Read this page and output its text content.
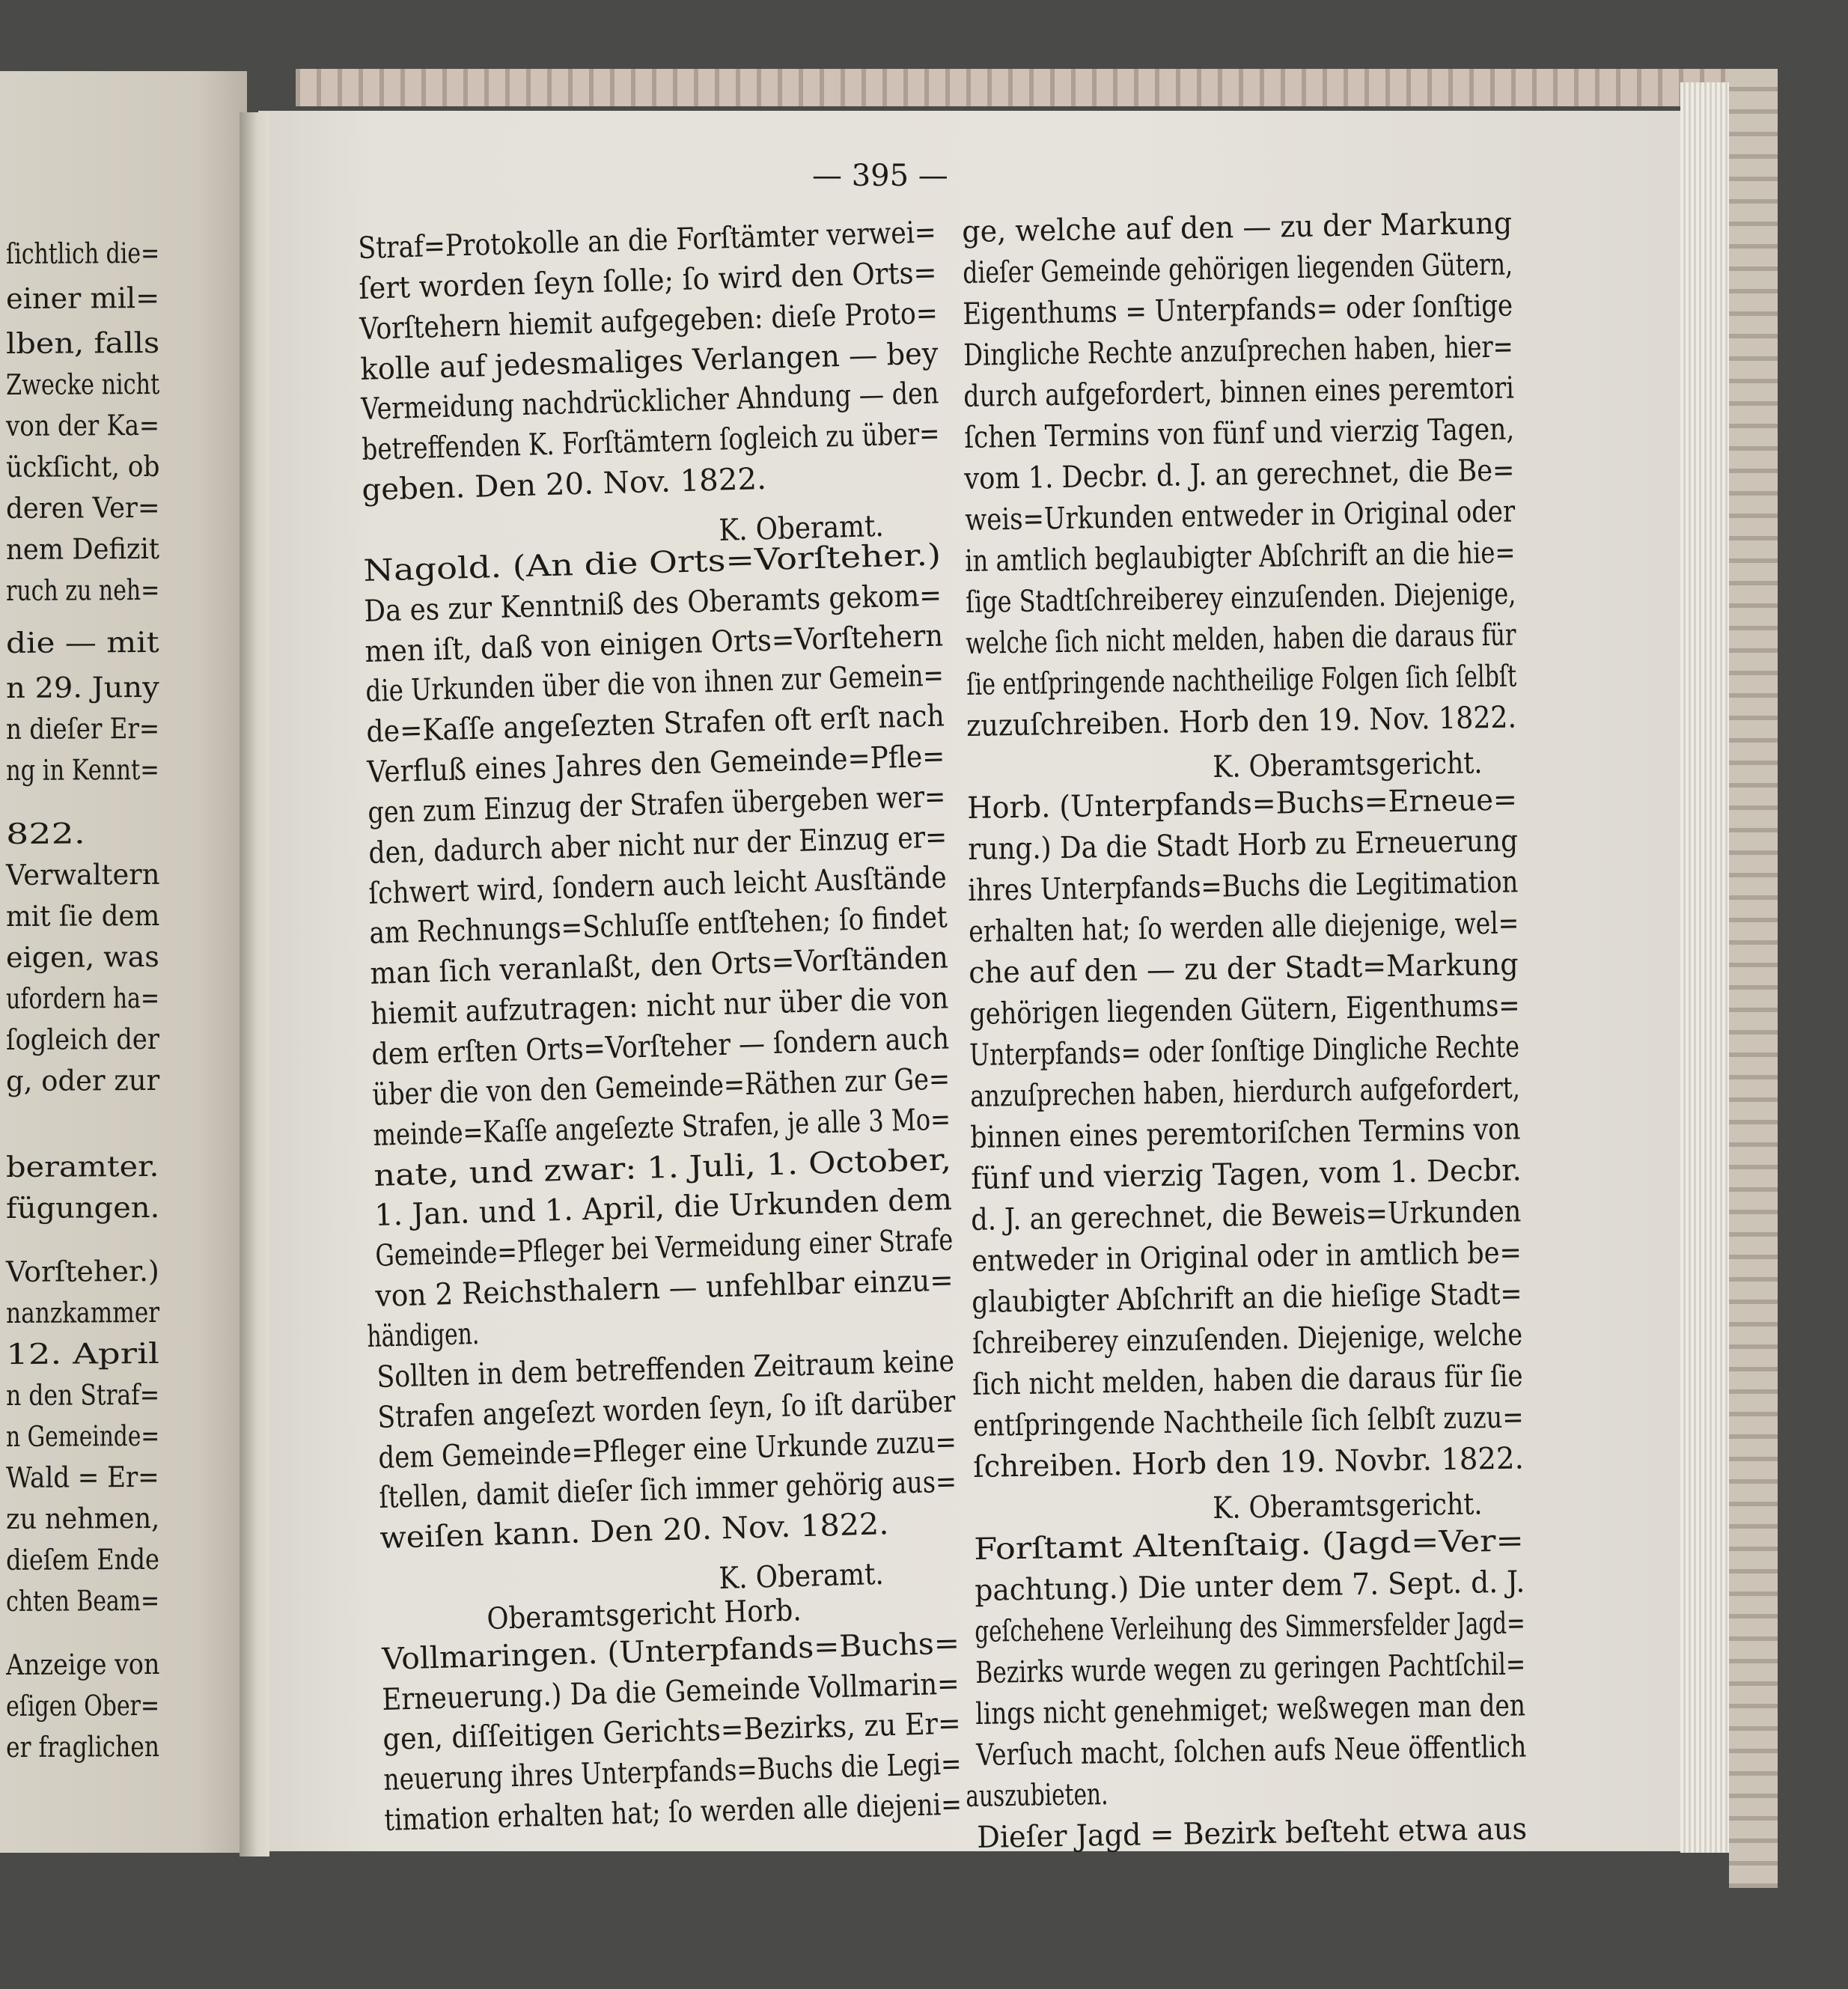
— 395 —
ſichtlich die=
einer mil=
lben, falls
Zwecke nicht
von der Ka=
ückſicht, ob
deren Ver=
nem Defizit
ruch zu neh=
die — mit
n 29. Juny
n dieſer Er=
ng in Kennt=
822.
Verwaltern
mit ſie dem
eigen, was
ufordern ha=
ſogleich der
g, oder zur
beramter.
fügungen.
Vorſteher.)
nanzkammer
12. April
n den Straf=
n Gemeinde=
Wald = Er=
zu nehmen,
dieſem Ende
chten Beam=
Anzeige von
eſigen Ober=
er fraglichen
Straf=Protokolle an die Forſtämter verwei=
ſert worden ſeyn ſolle; ſo wird den Orts=
Vorſtehern hiemit aufgegeben: dieſe Proto=
kolle auf jedesmaliges Verlangen — bey
Vermeidung nachdrücklicher Ahndung — den
betreffenden K. Forſtämtern ſogleich zu über=
geben. Den 20. Nov. 1822.
K. Oberamt.
Nagold. (An die Orts=Vorſteher.)
Da es zur Kenntniß des Oberamts gekom=
men iſt, daß von einigen Orts=Vorſtehern
die Urkunden über die von ihnen zur Gemein=
de=Kaſſe angeſezten Strafen oft erſt nach
Verfluß eines Jahres den Gemeinde=Pfle=
gen zum Einzug der Strafen übergeben wer=
den, dadurch aber nicht nur der Einzug er=
ſchwert wird, ſondern auch leicht Ausſtände
am Rechnungs=Schluſſe entſtehen; ſo findet
man ſich veranlaßt, den Orts=Vorſtänden
hiemit aufzutragen: nicht nur über die von
dem erſten Orts=Vorſteher — ſondern auch
über die von den Gemeinde=Räthen zur Ge=
meinde=Kaſſe angeſezte Strafen, je alle 3 Mo=
nate, und zwar: 1. Juli, 1. October,
1. Jan. und 1. April, die Urkunden dem
Gemeinde=Pfleger bei Vermeidung einer Strafe
von 2 Reichsthalern — unfehlbar einzu=
händigen.
Sollten in dem betreffenden Zeitraum keine
Strafen angeſezt worden ſeyn, ſo iſt darüber
dem Gemeinde=Pfleger eine Urkunde zuzu=
ſtellen, damit dieſer ſich immer gehörig aus=
weiſen kann. Den 20. Nov. 1822.
K. Oberamt.
Oberamtsgericht Horb.
Vollmaringen. (Unterpfands=Buchs=
Erneuerung.) Da die Gemeinde Vollmarin=
gen, diſſeitigen Gerichts=Bezirks, zu Er=
neuerung ihres Unterpfands=Buchs die Legi=
timation erhalten hat; ſo werden alle diejeni=
ge, welche auf den — zu der Markung
dieſer Gemeinde gehörigen liegenden Gütern,
Eigenthums = Unterpfands= oder ſonſtige
Dingliche Rechte anzuſprechen haben, hier=
durch aufgefordert, binnen eines peremtori
ſchen Termins von fünf und vierzig Tagen,
vom 1. Decbr. d. J. an gerechnet, die Be=
weis=Urkunden entweder in Original oder
in amtlich beglaubigter Abſchrift an die hie=
ſige Stadtſchreiberey einzuſenden. Diejenige,
welche ſich nicht melden, haben die daraus für
ſie entſpringende nachtheilige Folgen ſich ſelbſt
zuzuſchreiben. Horb den 19. Nov. 1822.
K. Oberamtsgericht.
Horb. (Unterpfands=Buchs=Erneue=
rung.) Da die Stadt Horb zu Erneuerung
ihres Unterpfands=Buchs die Legitimation
erhalten hat; ſo werden alle diejenige, wel=
che auf den — zu der Stadt=Markung
gehörigen liegenden Gütern, Eigenthums=
Unterpfands= oder ſonſtige Dingliche Rechte
anzuſprechen haben, hierdurch aufgefordert,
binnen eines peremtoriſchen Termins von
fünf und vierzig Tagen, vom 1. Decbr.
d. J. an gerechnet, die Beweis=Urkunden
entweder in Original oder in amtlich be=
glaubigter Abſchrift an die hieſige Stadt=
ſchreiberey einzuſenden. Diejenige, welche
ſich nicht melden, haben die daraus für ſie
entſpringende Nachtheile ſich ſelbſt zuzu=
ſchreiben. Horb den 19. Novbr. 1822.
K. Oberamtsgericht.
Forſtamt Altenſtaig. (Jagd=Ver=
pachtung.) Die unter dem 7. Sept. d. J.
geſchehene Verleihung des Simmersfelder Jagd=
Bezirks wurde wegen zu geringen Pachtſchil=
lings nicht genehmiget; weßwegen man den
Verſuch macht, ſolchen aufs Neue öffentlich
auszubieten.
Dieſer Jagd = Bezirk beſteht etwa aus
